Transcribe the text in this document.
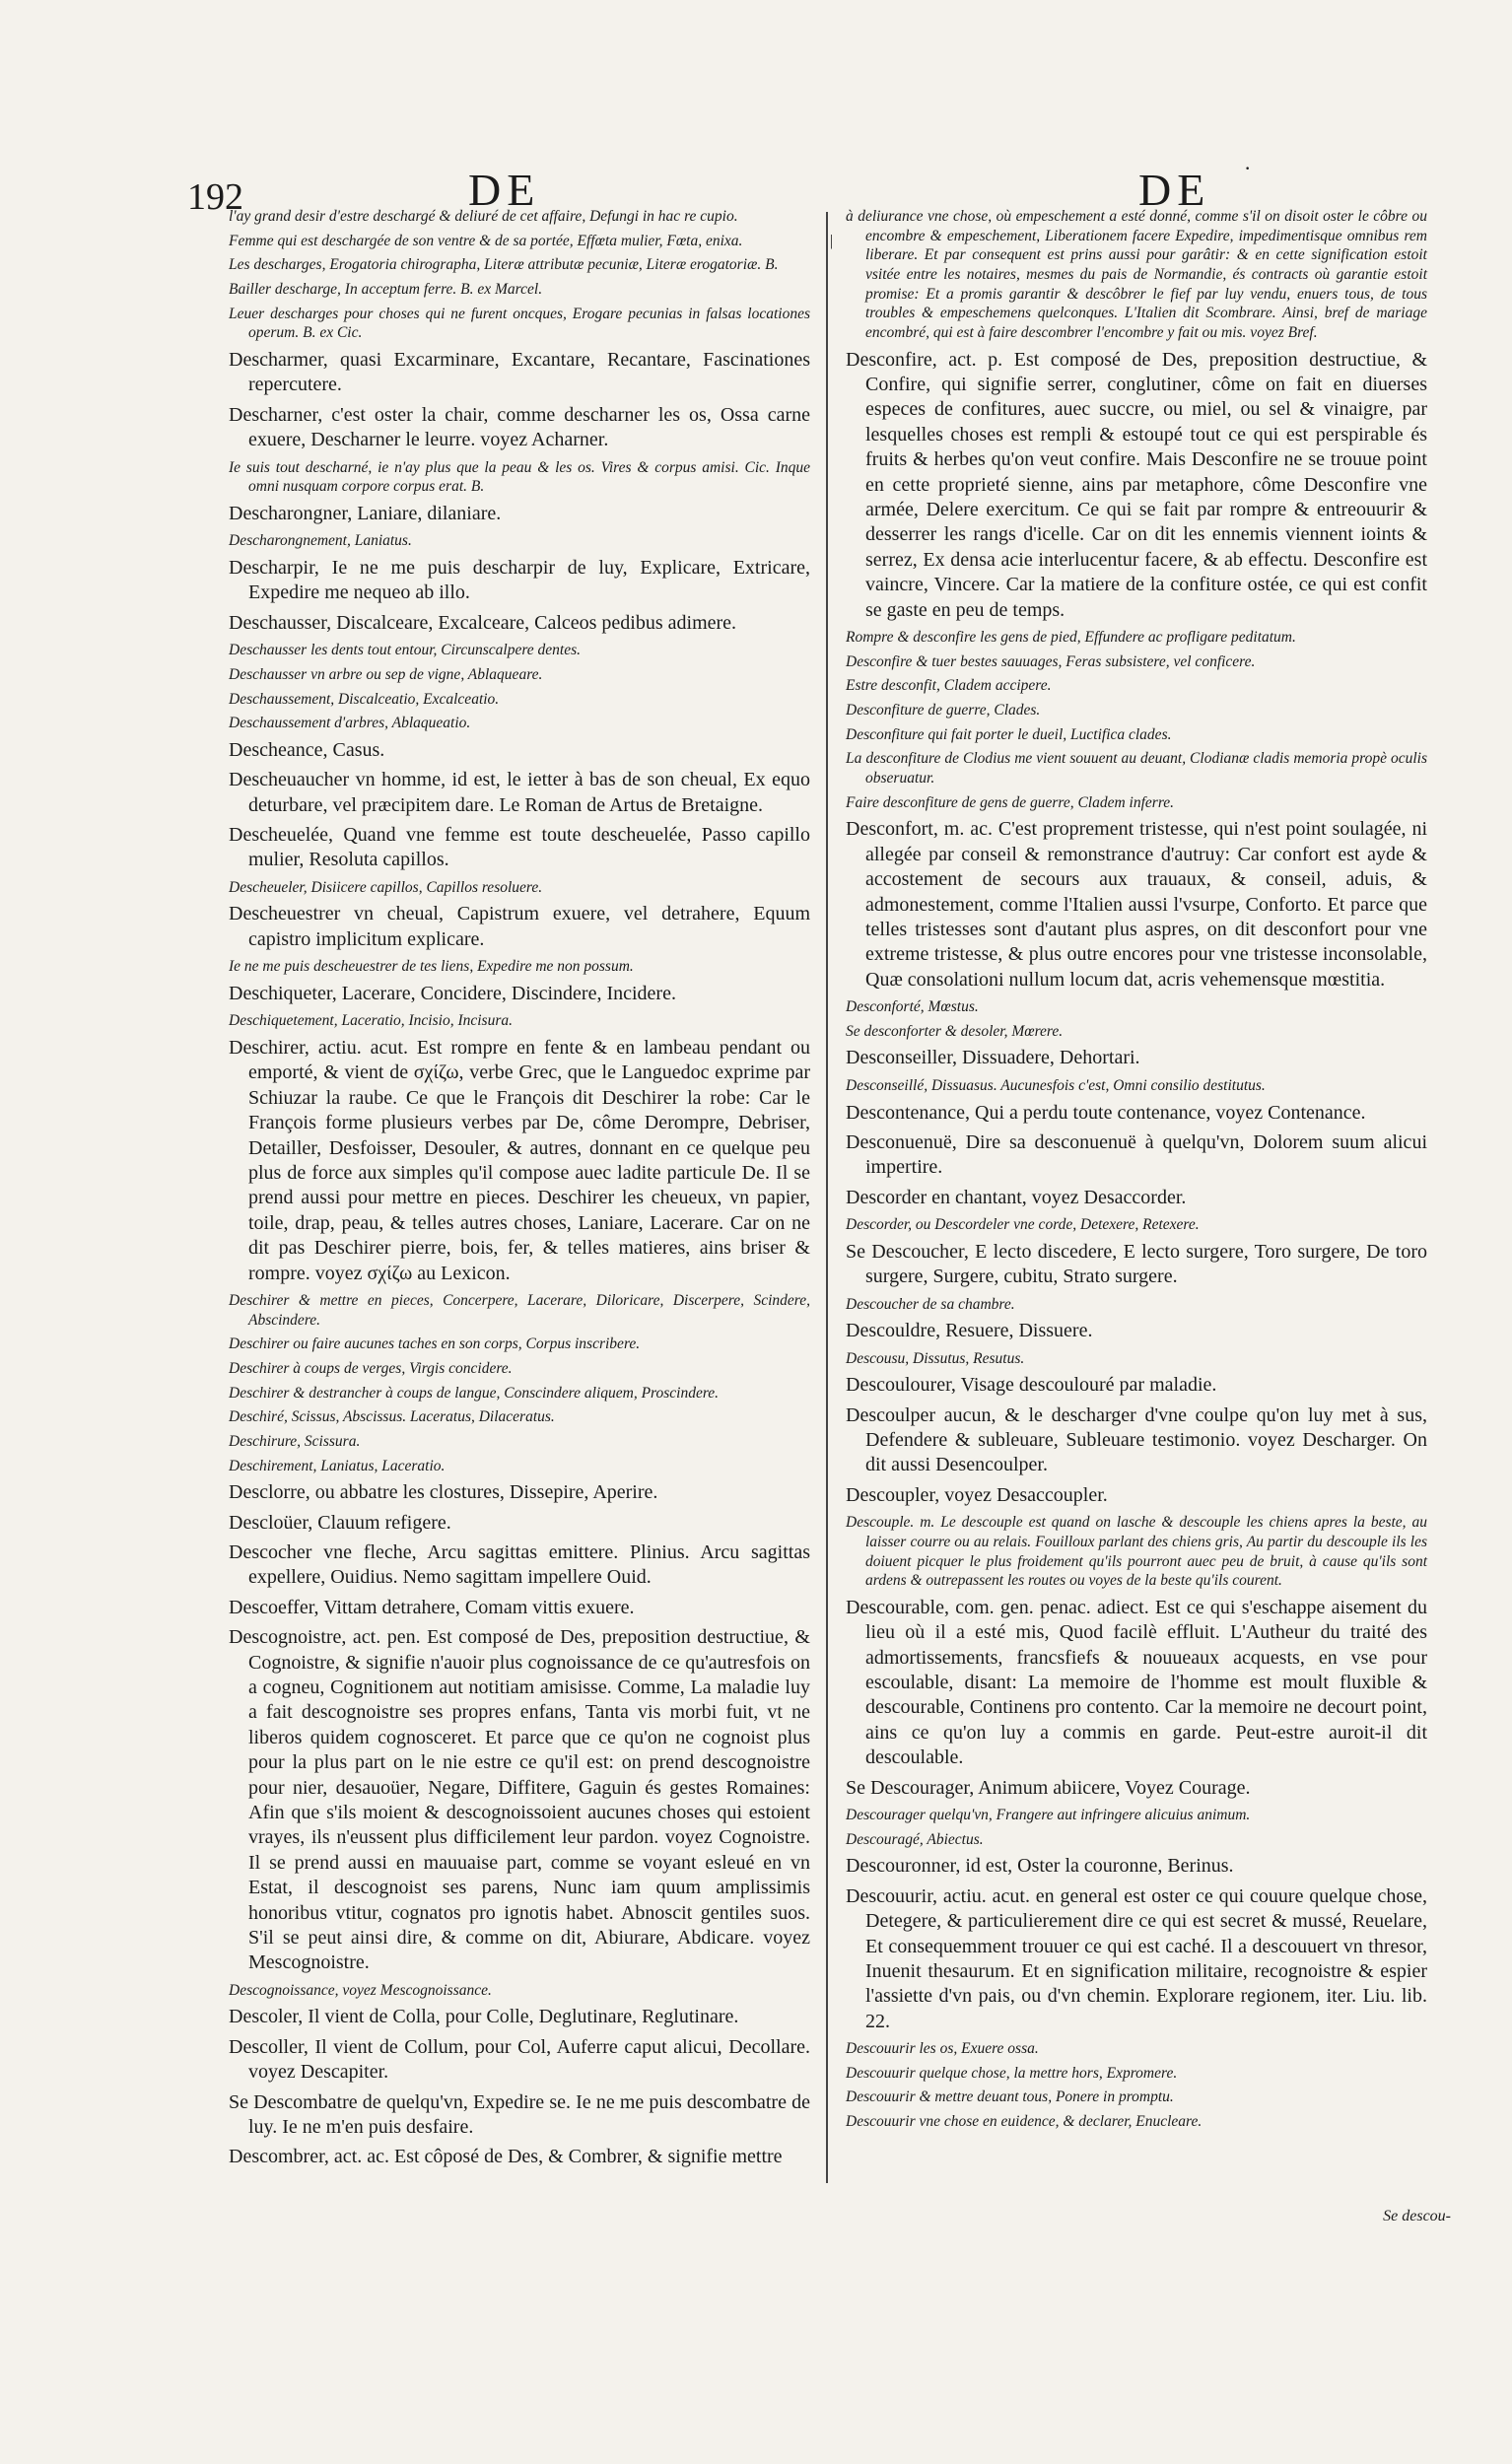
192	DE	DE ·

l'ay grand desir d'estre deschargé & deliuré de cet affaire, Defungi in hac re cupio.

Femme qui est deschargée de son ventre & de sa portée, Effœta mulier, Fœta, enixa.

Les descharges, Erogatoria chirographa, Literæ attributæ pecuniæ, Literæ erogatoriæ. B.

Bailler descharge, In acceptum ferre. B. ex Marcel.

Leuer descharges pour choses qui ne furent oncques, Erogare pecunias in falsas locationes operum. B. ex Cic.

Descharmer, quasi Excarminare, Excantare, Recantare, Fascinationes repercutere.

Descharner, c'est oster la chair, comme descharner les os, Ossa carne exuere, Descharner le leurre. voyez Acharner.

Ie suis tout descharné, ie n'ay plus que la peau & les os. Vires & corpus amisi. Cic. Inque omni nusquam corpore corpus erat. B.

Descharongner, Laniare, dilaniare.

Descharongnement, Laniatus.

Descharpir, Ie ne me puis descharpir de luy, Explicare, Extricare, Expedire me nequeo ab illo.

Deschausser, Discalceare, Excalceare, Calceos pedibus adimere.

Deschausser les dents tout entour, Circunscalpere dentes.

Deschausser vn arbre ou sep de vigne, Ablaqueare.

Deschaussement, Discalceatio, Excalceatio.

Deschaussement d'arbres, Ablaqueatio.

Descheance, Casus.

Descheuaucher vn homme, id est, le ietter à bas de son cheual, Ex equo deturbare, vel præcipitem dare. Le Roman de Artus de Bretaigne.

Descheuelée, Quand vne femme est toute descheuelée, Passo capillo mulier, Resoluta capillos.

Descheueler, Disiicere capillos, Capillos resoluere.

Descheuestrer vn cheual, Capistrum exuere, vel detrahere, Equum capistro implicitum explicare.

Ie ne me puis descheuestrer de tes liens, Expedire me non possum.

Deschiqueter, Lacerare, Concidere, Discindere, Incidere.

Deschiquetement, Laceratio, Incisio, Incisura.

Deschirer, actiu. acut. Est rompre en fente & en lambeau pendant ou emporté, & vient de σχίζω, verbe Grec, que le Languedoc exprime par Schiuzar la raube. Ce que le François dit Deschirer la robe: Car le François forme plusieurs verbes par De, côme Derompre, Debriser, Detailler, Desfoisser, Desouler, & autres, donnant en ce quelque peu plus de force aux simples qu'il compose auec ladite particule De. Il se prend aussi pour mettre en pieces. Deschirer les cheueux, vn papier, toile, drap, peau, & telles autres choses, Laniare, Lacerare. Car on ne dit pas Deschirer pierre, bois, fer, & telles matieres, ains briser & rompre. voyez σχίζω au Lexicon.

Deschirer & mettre en pieces, Concerpere, Lacerare, Diloricare, Discerpere, Scindere, Abscindere.

Deschirer ou faire aucunes taches en son corps, Corpus inscribere.

Deschirer à coups de verges, Virgis concidere.

Deschirer & destrancher à coups de langue, Conscindere aliquem, Proscindere.

Deschiré, Scissus, Abscissus. Laceratus, Dilaceratus.

Deschirure, Scissura.

Deschirement, Laniatus, Laceratio.

Desclorre, ou abbatre les clostures, Dissepire, Aperire.

Descloüer, Clauum refigere.

Descocher vne fleche, Arcu sagittas emittere. Plinius. Arcu sagittas expellere, Ouidius. Nemo sagittam impellere Ouid.

Descoeffer, Vittam detrahere, Comam vittis exuere.

Descognoistre, act. pen. Est composé de Des, preposition destructiue, & Cognoistre, & signifie n'auoir plus cognoissance de ce qu'autresfois on a cogneu, Cognitionem aut notitiam amisisse. Comme, La maladie luy a fait descognoistre ses propres enfans, Tanta vis morbi fuit, vt ne liberos quidem cognosceret. Et parce que ce qu'on ne cognoist plus pour la plus part on le nie estre ce qu'il est: on prend descognoistre pour nier, desauoüer, Negare, Diffitere, Gaguin és gestes Romaines: Afin que s'ils moient & descognoissoient aucunes choses qui estoient vrayes, ils n'eussent plus difficilement leur pardon. voyez Cognoistre. Il se prend aussi en mauuaise part, comme se voyant esleué en vn Estat, il descognoist ses parens, Nunc iam quum amplissimis honoribus vtitur, cognatos pro ignotis habet. Abnoscit gentiles suos. S'il se peut ainsi dire, & comme on dit, Abiurare, Abdicare. voyez Mescognoistre.

Descognoissance, voyez Mescognoissance.

Descoler, Il vient de Colla, pour Colle, Deglutinare, Reglutinare.

Descoller, Il vient de Collum, pour Col, Auferre caput alicui, Decollare. voyez Descapiter.

Se Descombatre de quelqu'vn, Expedire se. Ie ne me puis descombatre de luy. Ie ne m'en puis desfaire.

Descombrer, act. ac. Est côposé de Des, & Combrer, & signifie mettre

|

à deliurance vne chose, où empeschement a esté donné, comme s'il on disoit oster le côbre ou encombre & empeschement, Liberationem facere Expedire, impedimentisque omnibus rem liberare. Et par consequent est prins aussi pour garâtir: & en cette signification estoit vsitée entre les notaires, mesmes du pais de Normandie, és contracts où garantie estoit promise: Et a promis garantir & descôbrer le fief par luy vendu, enuers tous, de tous troubles & empeschemens quelconques. L'Italien dit Scombrare. Ainsi, bref de mariage encombré, qui est à faire descombrer l'encombre y fait ou mis. voyez Bref.

Desconfire, act. p. Est composé de Des, preposition destructiue, & Confire, qui signifie serrer, conglutiner, côme on fait en diuerses especes de confitures, auec succre, ou miel, ou sel & vinaigre, par lesquelles choses est rempli & estoupé tout ce qui est perspirable és fruits & herbes qu'on veut confire. Mais Desconfire ne se trouue point en cette proprieté sienne, ains par metaphore, côme Desconfire vne armée, Delere exercitum. Ce qui se fait par rompre & entreouurir & desserrer les rangs d'icelle. Car on dit les ennemis viennent ioints & serrez, Ex densa acie interlucentur facere, & ab effectu. Desconfire est vaincre, Vincere. Car la matiere de la confiture ostée, ce qui est confit se gaste en peu de temps.

Rompre & desconfire les gens de pied, Effundere ac profligare peditatum.

Desconfire & tuer bestes sauuages, Feras subsistere, vel conficere.

Estre desconfit, Cladem accipere.

Desconfiture de guerre, Clades.

Desconfiture qui fait porter le dueil, Luctifica clades.

La desconfiture de Clodius me vient souuent au deuant, Clodianæ cladis memoria propè oculis obseruatur.

Faire desconfiture de gens de guerre, Cladem inferre.

Desconfort, m. ac. C'est proprement tristesse, qui n'est point soulagée, ni allegée par conseil & remonstrance d'autruy: Car confort est ayde & accostement de secours aux trauaux, & conseil, aduis, & admonestement, comme l'Italien aussi l'vsurpe, Conforto. Et parce que telles tristesses sont d'autant plus aspres, on dit desconfort pour vne extreme tristesse, & plus outre encores pour vne tristesse inconsolable, Quæ consolationi nullum locum dat, acris vehemensque mœstitia.

Desconforté, Mœstus.

Se desconforter & desoler, Mœrere.

Desconseiller, Dissuadere, Dehortari.

Desconseillé, Dissuasus. Aucunesfois c'est, Omni consilio destitutus.

Descontenance, Qui a perdu toute contenance, voyez Contenance.

Desconuenuë, Dire sa desconuenuë à quelqu'vn, Dolorem suum alicui impertire.

Descorder en chantant, voyez Desaccorder.

Descorder, ou Descordeler vne corde, Detexere, Retexere.

Se Descoucher, E lecto discedere, E lecto surgere, Toro surgere, De toro surgere, Surgere, cubitu, Strato surgere.

Descoucher de sa chambre.

Descouldre, Resuere, Dissuere.

Descousu, Dissutus, Resutus.

Descoulourer, Visage descoulouré par maladie.

Descoulper aucun, & le descharger d'vne coulpe qu'on luy met à sus, Defendere & subleuare, Subleuare testimonio. voyez Descharger. On dit aussi Desencoulper.

Descoupler, voyez Desaccoupler.

Descouple. m. Le descouple est quand on lasche & descouple les chiens apres la beste, au laisser courre ou au relais. Fouilloux parlant des chiens gris, Au partir du descouple ils les doiuent picquer le plus froidement qu'ils pourront auec peu de bruit, à cause qu'ils sont ardens & outrepassent les routes ou voyes de la beste qu'ils courent.

Descourable, com. gen. penac. adiect. Est ce qui s'eschappe aisement du lieu où il a esté mis, Quod facilè effluit. L'Autheur du traité des admortissements, francsfiefs & nouueaux acquests, en vse pour escoulable, disant: La memoire de l'homme est moult fluxible & descourable, Continens pro contento. Car la memoire ne decourt point, ains ce qu'on luy a commis en garde. Peut-estre auroit-il dit descoulable.

Se Descourager, Animum abiicere, Voyez Courage.

Descourager quelqu'vn, Frangere aut infringere alicuius animum.

Descouragé, Abiectus.

Descouronner, id est, Oster la couronne, Berinus.

Descouurir, actiu. acut. en general est oster ce qui couure quelque chose, Detegere, & particulierement dire ce qui est secret & mussé, Reuelare, Et consequemment trouuer ce qui est caché. Il a descouuert vn thresor, Inuenit thesaurum. Et en signification militaire, recognoistre & espier l'assiette d'vn pais, ou d'vn chemin. Explorare regionem, iter. Liu. lib. 22.

Descouurir les os, Exuere ossa.

Descouurir quelque chose, la mettre hors, Expromere.

Descouurir & mettre deuant tous, Ponere in promptu.

Descouurir vne chose en euidence, & declarer, Enucleare.

Se descou-
